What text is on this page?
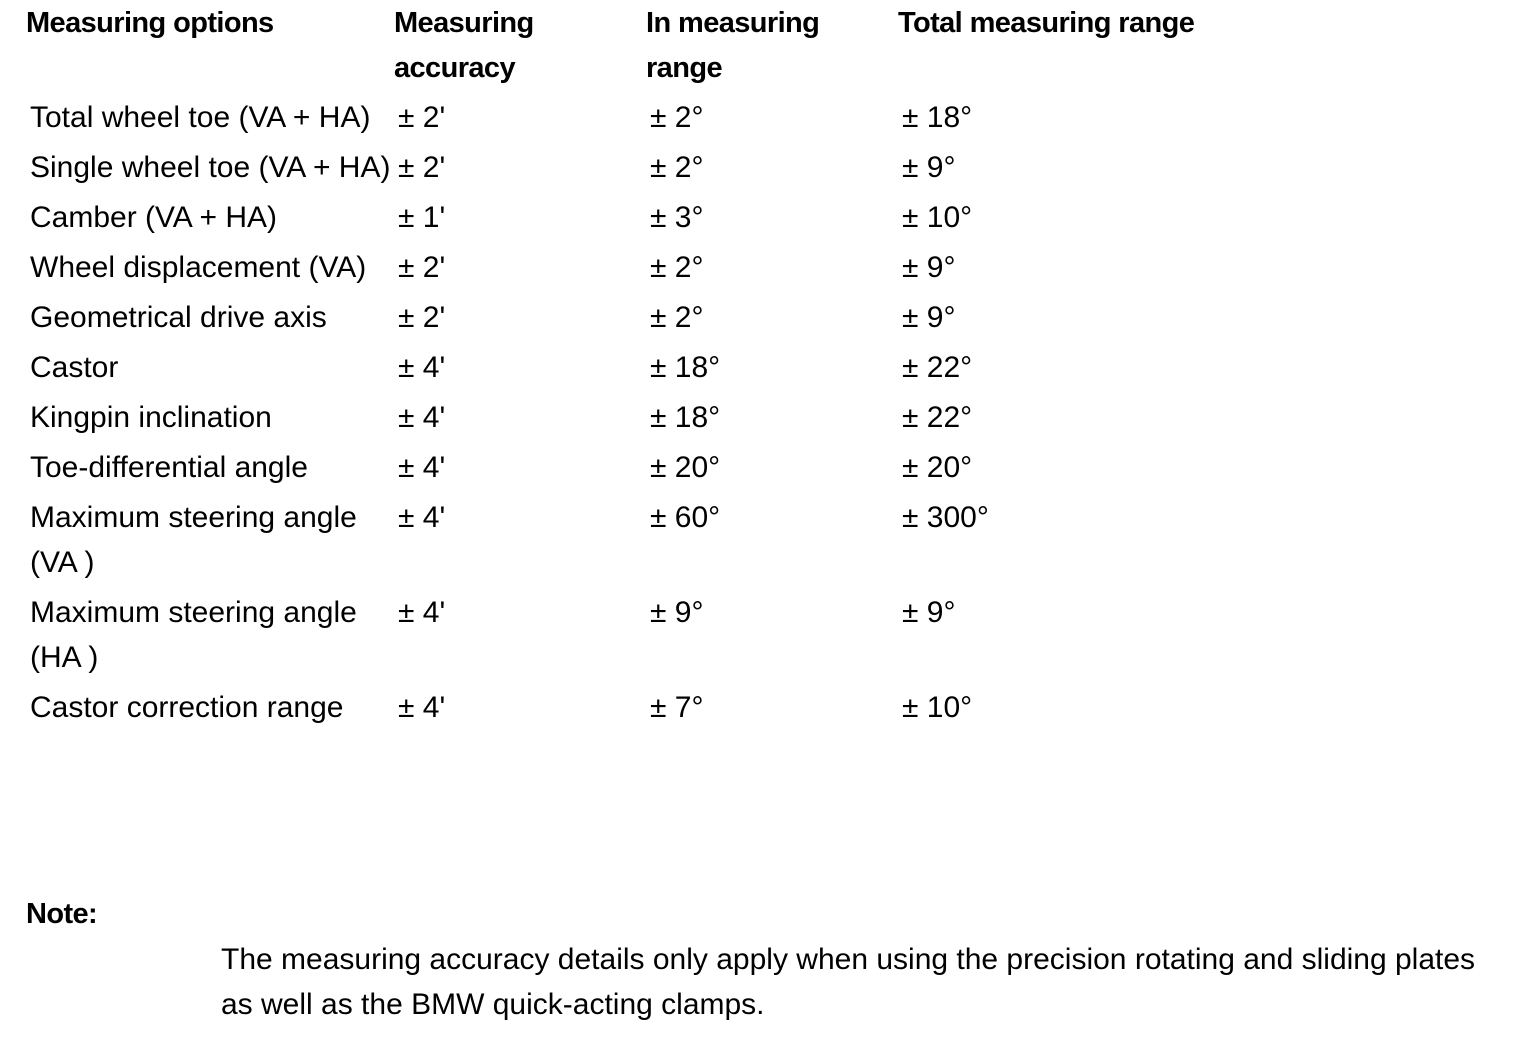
Measuring options	Measuring accuracy	In measuring range	Total measuring range
Total wheel toe (VA + HA)	± 2'	± 2°	± 18°
Single wheel toe (VA + HA)	± 2'	± 2°	± 9°
Camber (VA + HA)	± 1'	± 3°	± 10°
Wheel displacement (VA)	± 2'	± 2°	± 9°
Geometrical drive axis	± 2'	± 2°	± 9°
Castor	± 4'	± 18°	± 22°
Kingpin inclination	± 4'	± 18°	± 22°
Toe-differential angle	± 4'	± 20°	± 20°
Maximum steering angle (VA )	± 4'	± 60°	± 300°
Maximum steering angle (HA )	± 4'	± 9°	± 9°
Castor correction range	± 4'	± 7°	± 10°

Note:

The measuring accuracy details only apply when using the precision rotating and sliding plates as well as the BMW quick-acting clamps.
